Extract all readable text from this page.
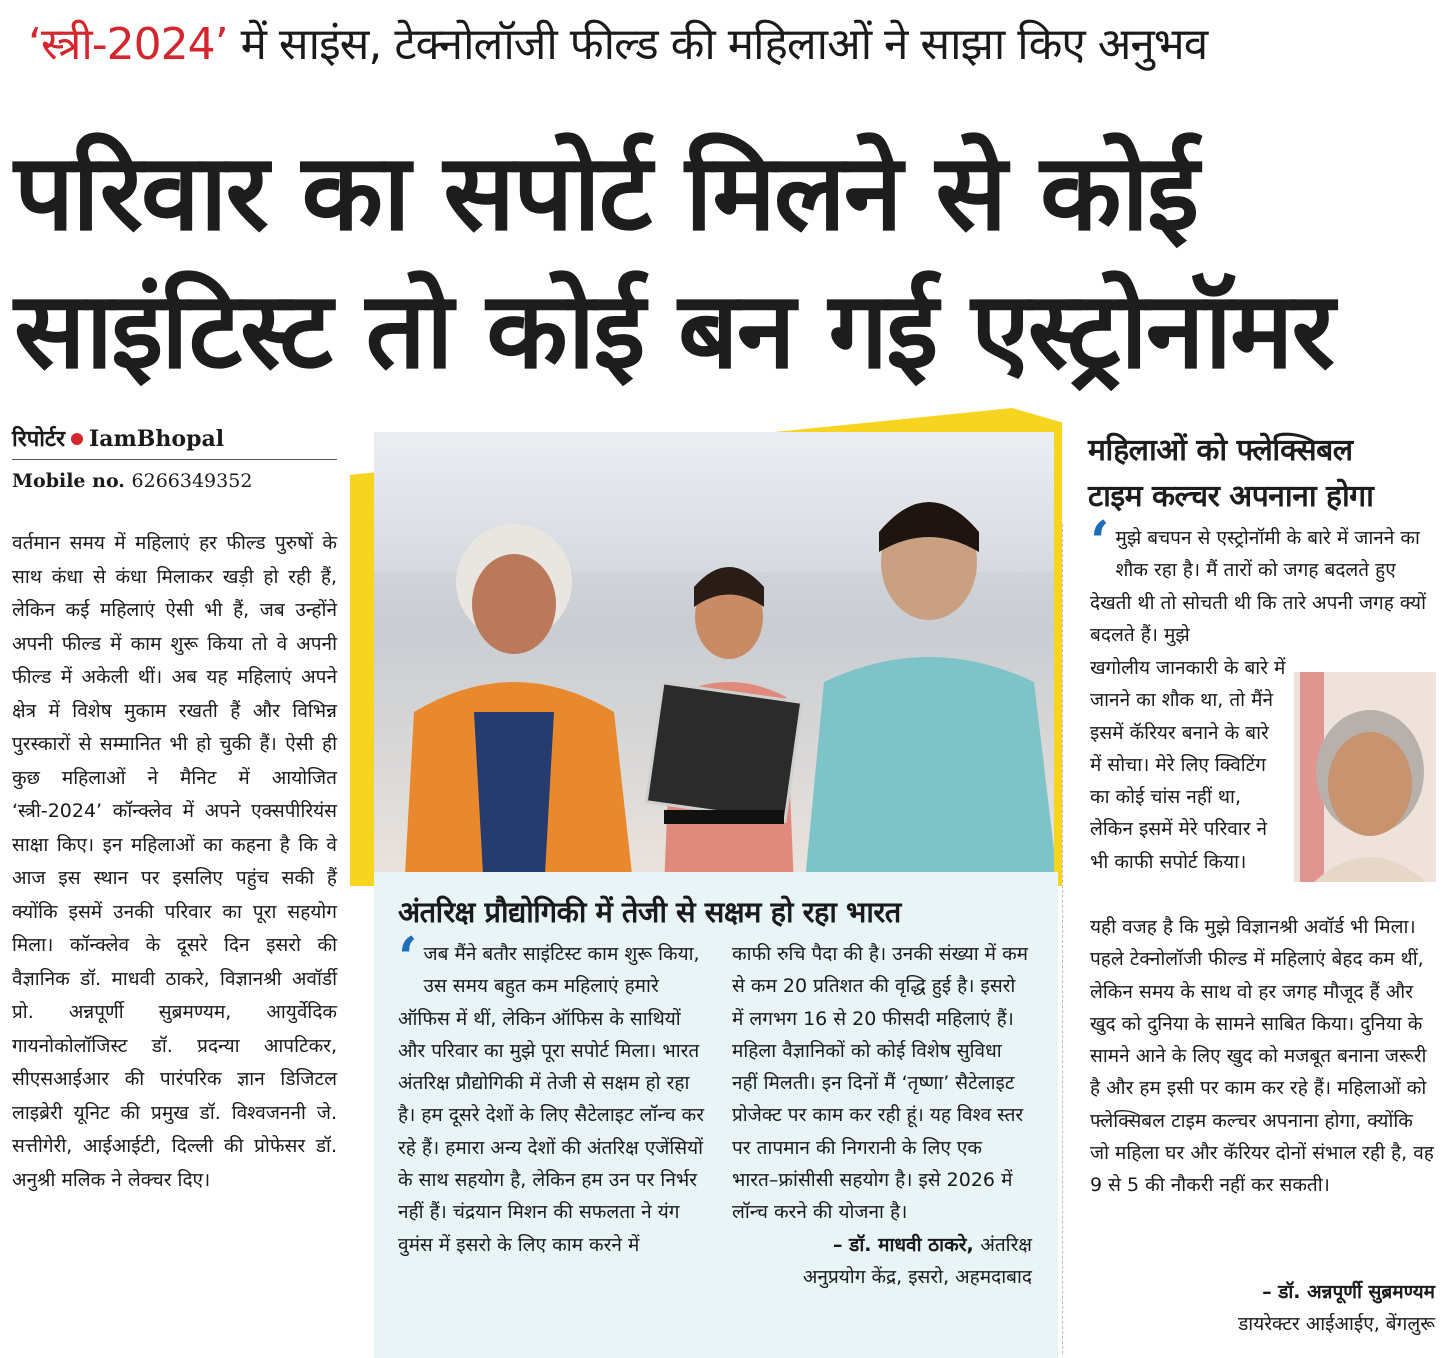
‘स्त्री-2024’ में साइंस, टेक्नोलॉजी फील्ड की महिलाओं ने साझा किए अनुभव
परिवार का सपोर्ट मिलने से कोई
साइंटिस्ट तो कोई बन गई एस्ट्रोनॉमर
रिपोर्टर IamBhopal
Mobile no. 6266349352
वर्तमान समय में महिलाएं हर फील्ड पुरुषों के साथ कंधा से कंधा मिलाकर खड़ी हो रही हैं, लेकिन कई महिलाएं ऐसी भी हैं, जब उन्होंने अपनी फील्ड में काम शुरू किया तो वे अपनी फील्ड में अकेली थीं। अब यह महिलाएं अपने क्षेत्र में विशेष मुकाम रखती हैं और विभिन्न पुरस्कारों से सम्मानित भी हो चुकी हैं। ऐसी ही कुछ महिलाओं ने मैनिट में आयोजित ‘स्त्री-2024’ कॉन्क्लेव में अपने एक्सपीरियंस साक्षा किए। इन महिलाओं का कहना है कि वे आज इस स्थान पर इसलिए पहुंच सकी हैं क्योंकि इसमें उनकी परिवार का पूरा सहयोग मिला। कॉन्क्लेव के दूसरे दिन इसरो की वैज्ञानिक डॉ. माधवी ठाकरे, विज्ञानश्री अवॉर्डी प्रो. अन्नपूर्णी सुब्रमण्यम, आयुर्वेदिक गायनोकोलॉजिस्ट डॉ. प्रदन्या आपटिकर, सीएसआईआर की पारंपरिक ज्ञान डिजिटल लाइब्रेरी यूनिट की प्रमुख डॉ. विश्वजननी जे. सत्तीगेरी, आईआईटी, दिल्ली की प्रोफेसर डॉ. अनुश्री मलिक ने लेक्चर दिए।
अंतरिक्ष प्रौद्योगिकी में तेजी से सक्षम हो रहा भारत
‘ जब मैंने बतौर साइंटिस्ट काम शुरू किया, उस समय बहुत कम महिलाएं हमारे ऑफिस में थीं, लेकिन ऑफिस के साथियों और परिवार का मुझे पूरा सपोर्ट मिला। भारत अंतरिक्ष प्रौद्योगिकी में तेजी से सक्षम हो रहा है। हम दूसरे देशों के लिए सैटेलाइट लॉन्च कर रहे हैं। हमारा अन्य देशों की अंतरिक्ष एजेंसियों के साथ सहयोग है, लेकिन हम उन पर निर्भर नहीं हैं। चंद्रयान मिशन की सफलता ने यंग वुमंस में इसरो के लिए काम करने में
काफी रुचि पैदा की है। उनकी संख्या में कम से कम 20 प्रतिशत की वृद्धि हुई है। इसरो में लगभग 16 से 20 फीसदी महिलाएं हैं। महिला वैज्ञानिकों को कोई विशेष सुविधा नहीं मिलती। इन दिनों मैं ‘तृष्णा’ सैटेलाइट प्रोजेक्ट पर काम कर रही हूं। यह विश्व स्तर पर तापमान की निगरानी के लिए एक भारत–फ्रांसीसी सहयोग है। इसे 2026 में लॉन्च करने की योजना है।
– डॉ. माधवी ठाकरे, अंतरिक्ष
अनुप्रयोग केंद्र, इसरो, अहमदाबाद
महिलाओं को फ्लेक्सिबल
टाइम कल्चर अपनाना होगा
‘ मुझे बचपन से एस्ट्रोनॉमी के बारे में जानने का शौक रहा है। मैं तारों को जगह बदलते हुए देखती थी तो सोचती थी कि तारे अपनी जगह क्यों बदलते हैं। मुझे
खगोलीय जानकारी के बारे में जानने का शौक था, तो मैंने इसमें कॅरियर बनाने के बारे में सोचा। मेरे लिए क्विटिंग का कोई चांस नहीं था, लेकिन इसमें मेरे परिवार ने भी काफी सपोर्ट किया।
यही वजह है कि मुझे विज्ञानश्री अवॉर्ड भी मिला। पहले टेक्नोलॉजी फील्ड में महिलाएं बेहद कम थीं, लेकिन समय के साथ वो हर जगह मौजूद हैं और खुद को दुनिया के सामने साबित किया। दुनिया के सामने आने के लिए खुद को मजबूत बनाना जरूरी है और हम इसी पर काम कर रहे हैं। महिलाओं को फ्लेक्सिबल टाइम कल्चर अपनाना होगा, क्योंकि जो महिला घर और कॅरियर दोनों संभाल रही है, वह 9 से 5 की नौकरी नहीं कर सकती।
– डॉ. अन्नपूर्णी सुब्रमण्यम
डायरेक्टर आईआईए, बेंगलुरू
